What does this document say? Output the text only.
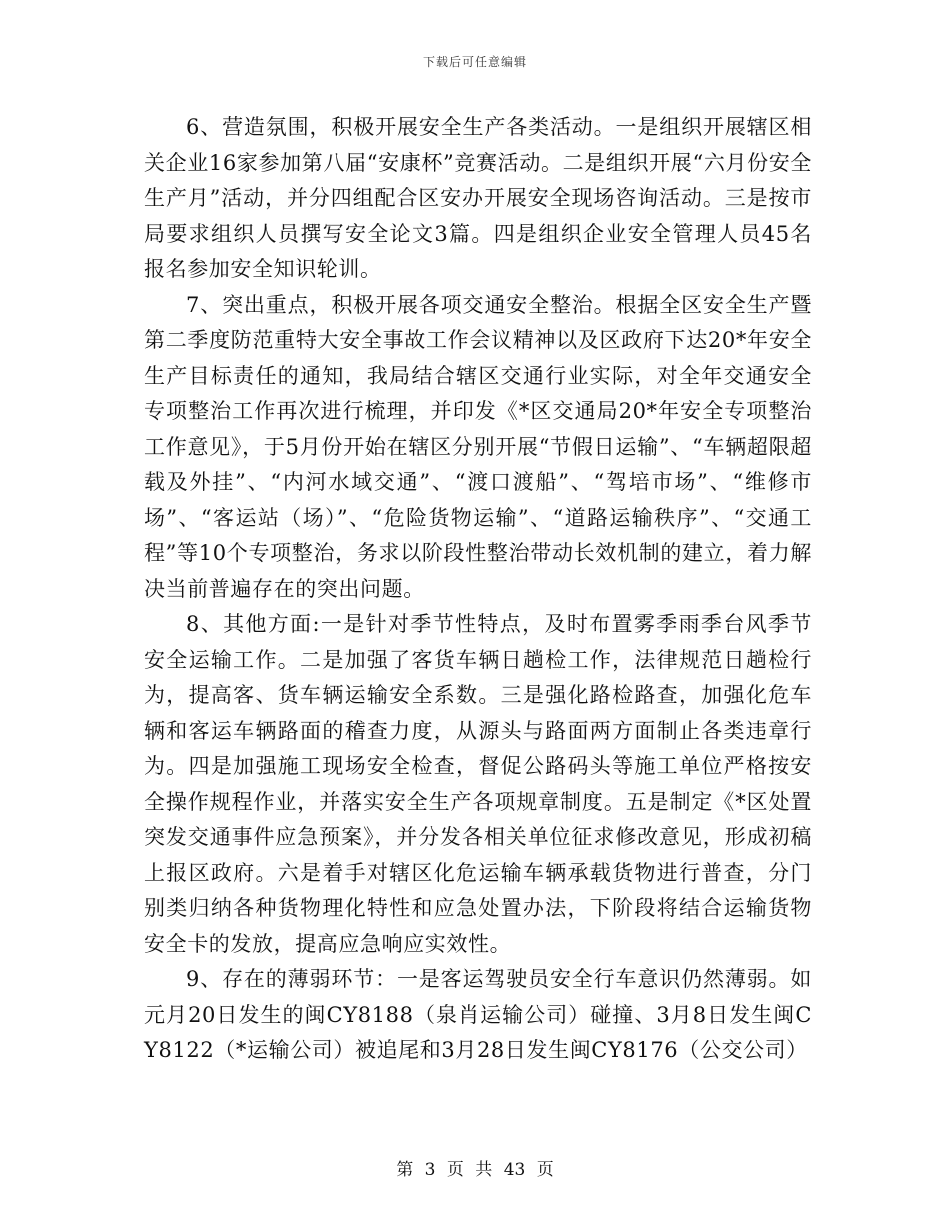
下载后可任意编辑

6、营造氛围，积极开展安全生产各类活动。一是组织开展辖区相关企业16家参加第八届“安康杯”竞赛活动。二是组织开展“六月份安全生产月”活动，并分四组配合区安办开展安全现场咨询活动。三是按市局要求组织人员撰写安全论文3篇。四是组织企业安全管理人员45名报名参加安全知识轮训。

7、突出重点，积极开展各项交通安全整治。根据全区安全生产暨第二季度防范重特大安全事故工作会议精神以及区政府下达20*年安全生产目标责任的通知，我局结合辖区交通行业实际，对全年交通安全专项整治工作再次进行梳理，并印发《*区交通局20*年安全专项整治工作意见》，于5月份开始在辖区分别开展“节假日运输”、“车辆超限超载及外挂”、“内河水域交通”、“渡口渡船”、“驾培市场”、“维修市场”、“客运站（场）”、“危险货物运输”、“道路运输秩序”、“交通工程”等10个专项整治，务求以阶段性整治带动长效机制的建立，着力解决当前普遍存在的突出问题。

8、其他方面:一是针对季节性特点，及时布置雾季雨季台风季节安全运输工作。二是加强了客货车辆日趟检工作，法律规范日趟检行为，提高客、货车辆运输安全系数。三是强化路检路查，加强化危车辆和客运车辆路面的稽查力度，从源头与路面两方面制止各类违章行为。四是加强施工现场安全检查，督促公路码头等施工单位严格按安全操作规程作业，并落实安全生产各项规章制度。五是制定《*区处置突发交通事件应急预案》，并分发各相关单位征求修改意见，形成初稿上报区政府。六是着手对辖区化危运输车辆承载货物进行普查，分门别类归纳各种货物理化特性和应急处置办法，下阶段将结合运输货物安全卡的发放，提高应急响应实效性。

9、存在的薄弱环节：一是客运驾驶员安全行车意识仍然薄弱。如元月20日发生的闽CY8188（泉肖运输公司）碰撞、3月8日发生闽CY8122（*运输公司）被追尾和3月28日发生闽CY8176（公交公司）

第 3 页 共 43 页
